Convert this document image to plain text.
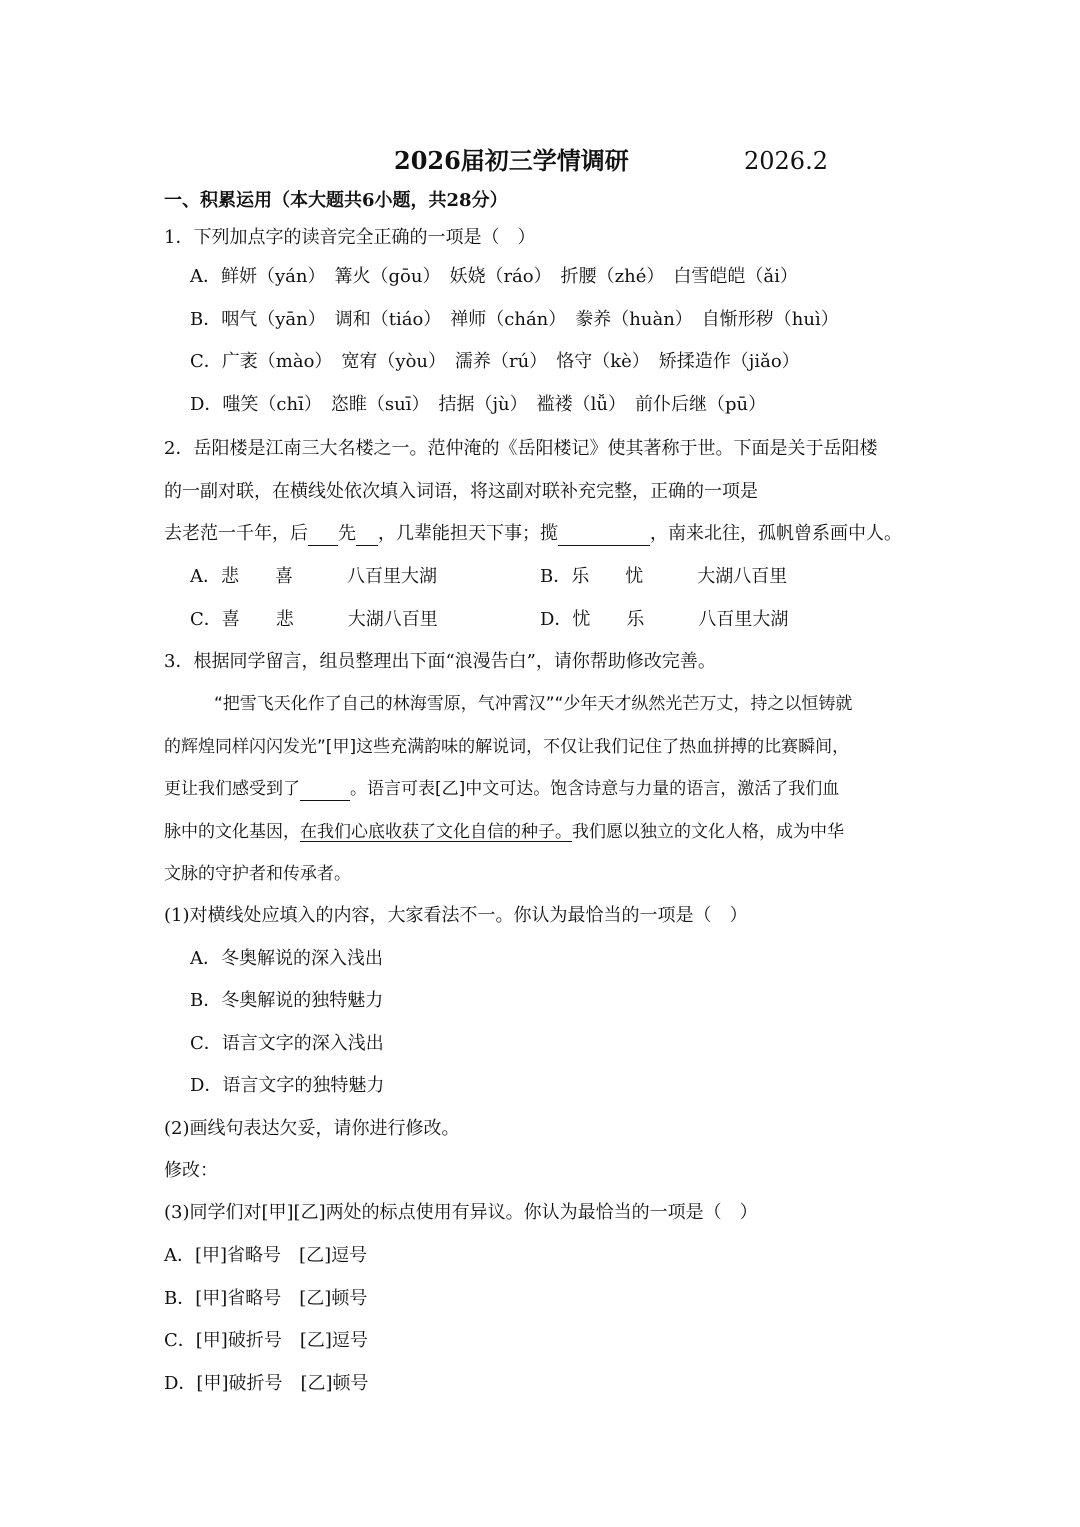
2026届初三学情调研	2026.2
一、积累运用（本大题共6小题，共28分）
1．下列加点字的读音完全正确的一项是（　）
A．鲜妍（yán）　篝火（gōu）　妖娆（ráo）　折腰（zhé）　白雪皑皑（ǎi）
B．咽气（yān）　调和（tiáo）　禅师（chán）　豢养（huàn）　自惭形秽（huì）
C．广袤（mào）　宽宥（yòu）　濡养（rú）　恪守（kè）　矫揉造作（jiǎo）
D．嗤笑（chī）　恣睢（suī）　拮据（jù）　褴褛（lǚ）　前仆后继（pū）
2．岳阳楼是江南三大名楼之一。范仲淹的《岳阳楼记》使其著称于世。下面是关于岳阳楼
的一副对联，在横线处依次填入词语，将这副对联补充完整，正确的一项是
去老范一千年，后 先 ，几辈能担天下事；揽	，南来北往，孤帆曾系画中人。
A．悲　　喜　　　八百里大湖	B．乐　　忧　　　大湖八百里
C．喜　　悲　　　大湖八百里	D．忧　　乐　　　八百里大湖
3．根据同学留言，组员整理出下面“浪漫告白”，请你帮助修改完善。
“把雪飞天化作了自己的林海雪原，气冲霄汉”“少年天才纵然光芒万丈，持之以恒铸就
的辉煌同样闪闪发光”[甲]这些充满韵味的解说词，不仅让我们记住了热血拼搏的比赛瞬间，
更让我们感受到了	。语言可表[乙]中文可达。饱含诗意与力量的语言，激活了我们血
脉中的文化基因，在我们心底收获了文化自信的种子。我们愿以独立的文化人格，成为中华
文脉的守护者和传承者。
(1)对横线处应填入的内容，大家看法不一。你认为最恰当的一项是（　）
A．冬奥解说的深入浅出
B．冬奥解说的独特魅力
C．语言文字的深入浅出
D．语言文字的独特魅力
(2)画线句表达欠妥，请你进行修改。
修改：
(3)同学们对[甲][乙]两处的标点使用有异议。你认为最恰当的一项是（　）
A．[甲]省略号　[乙]逗号
B．[甲]省略号　[乙]顿号
C．[甲]破折号　[乙]逗号
D．[甲]破折号　[乙]顿号
